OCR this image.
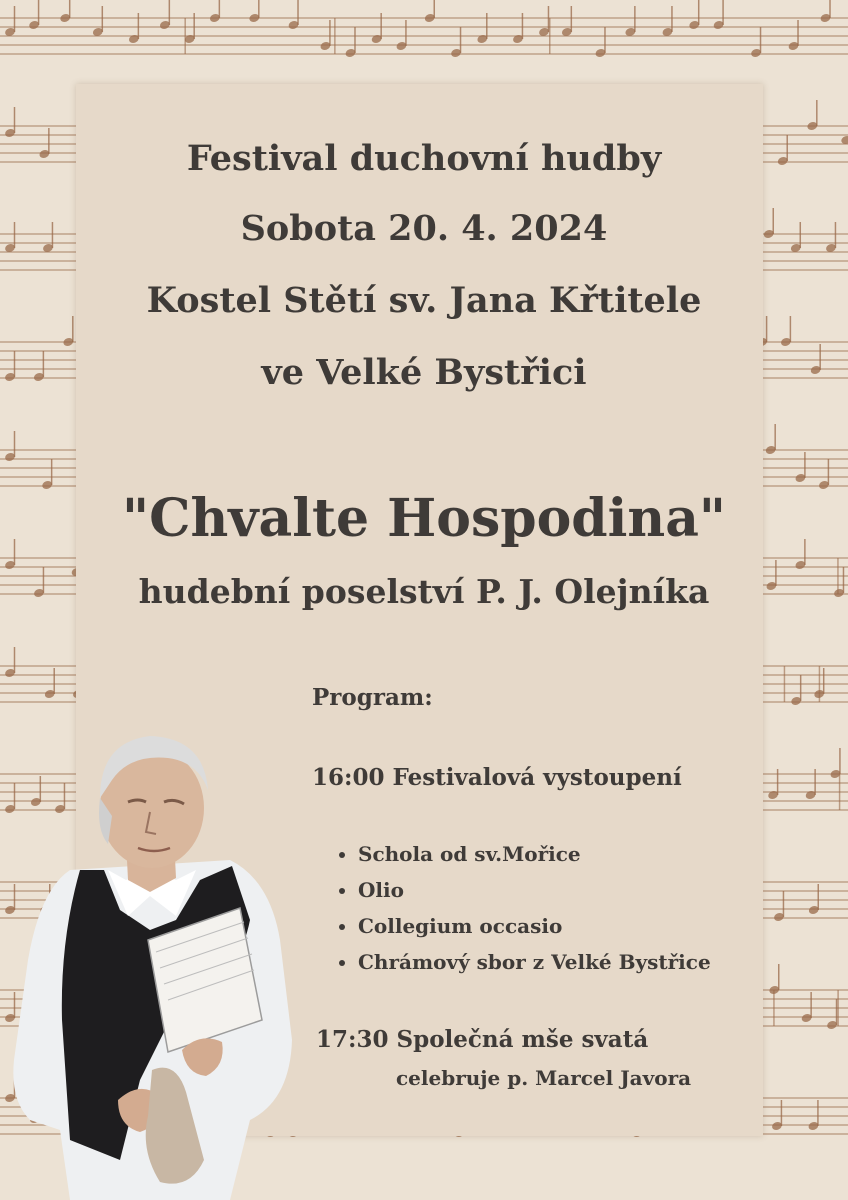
Festival duchovní hudby
Sobota 20. 4. 2024
Kostel Stětí sv. Jana Křtitele
ve Velké Bystřici
"Chvalte Hospodina"
hudební poselství P. J. Olejníka
Program:
16:00 Festivalová vystoupení
• Schola od sv.Mořice
• Olio
• Collegium occasio
• Chrámový sbor z Velké Bystřice
17:30 Společná mše svatá
celebruje p. Marcel Javora
